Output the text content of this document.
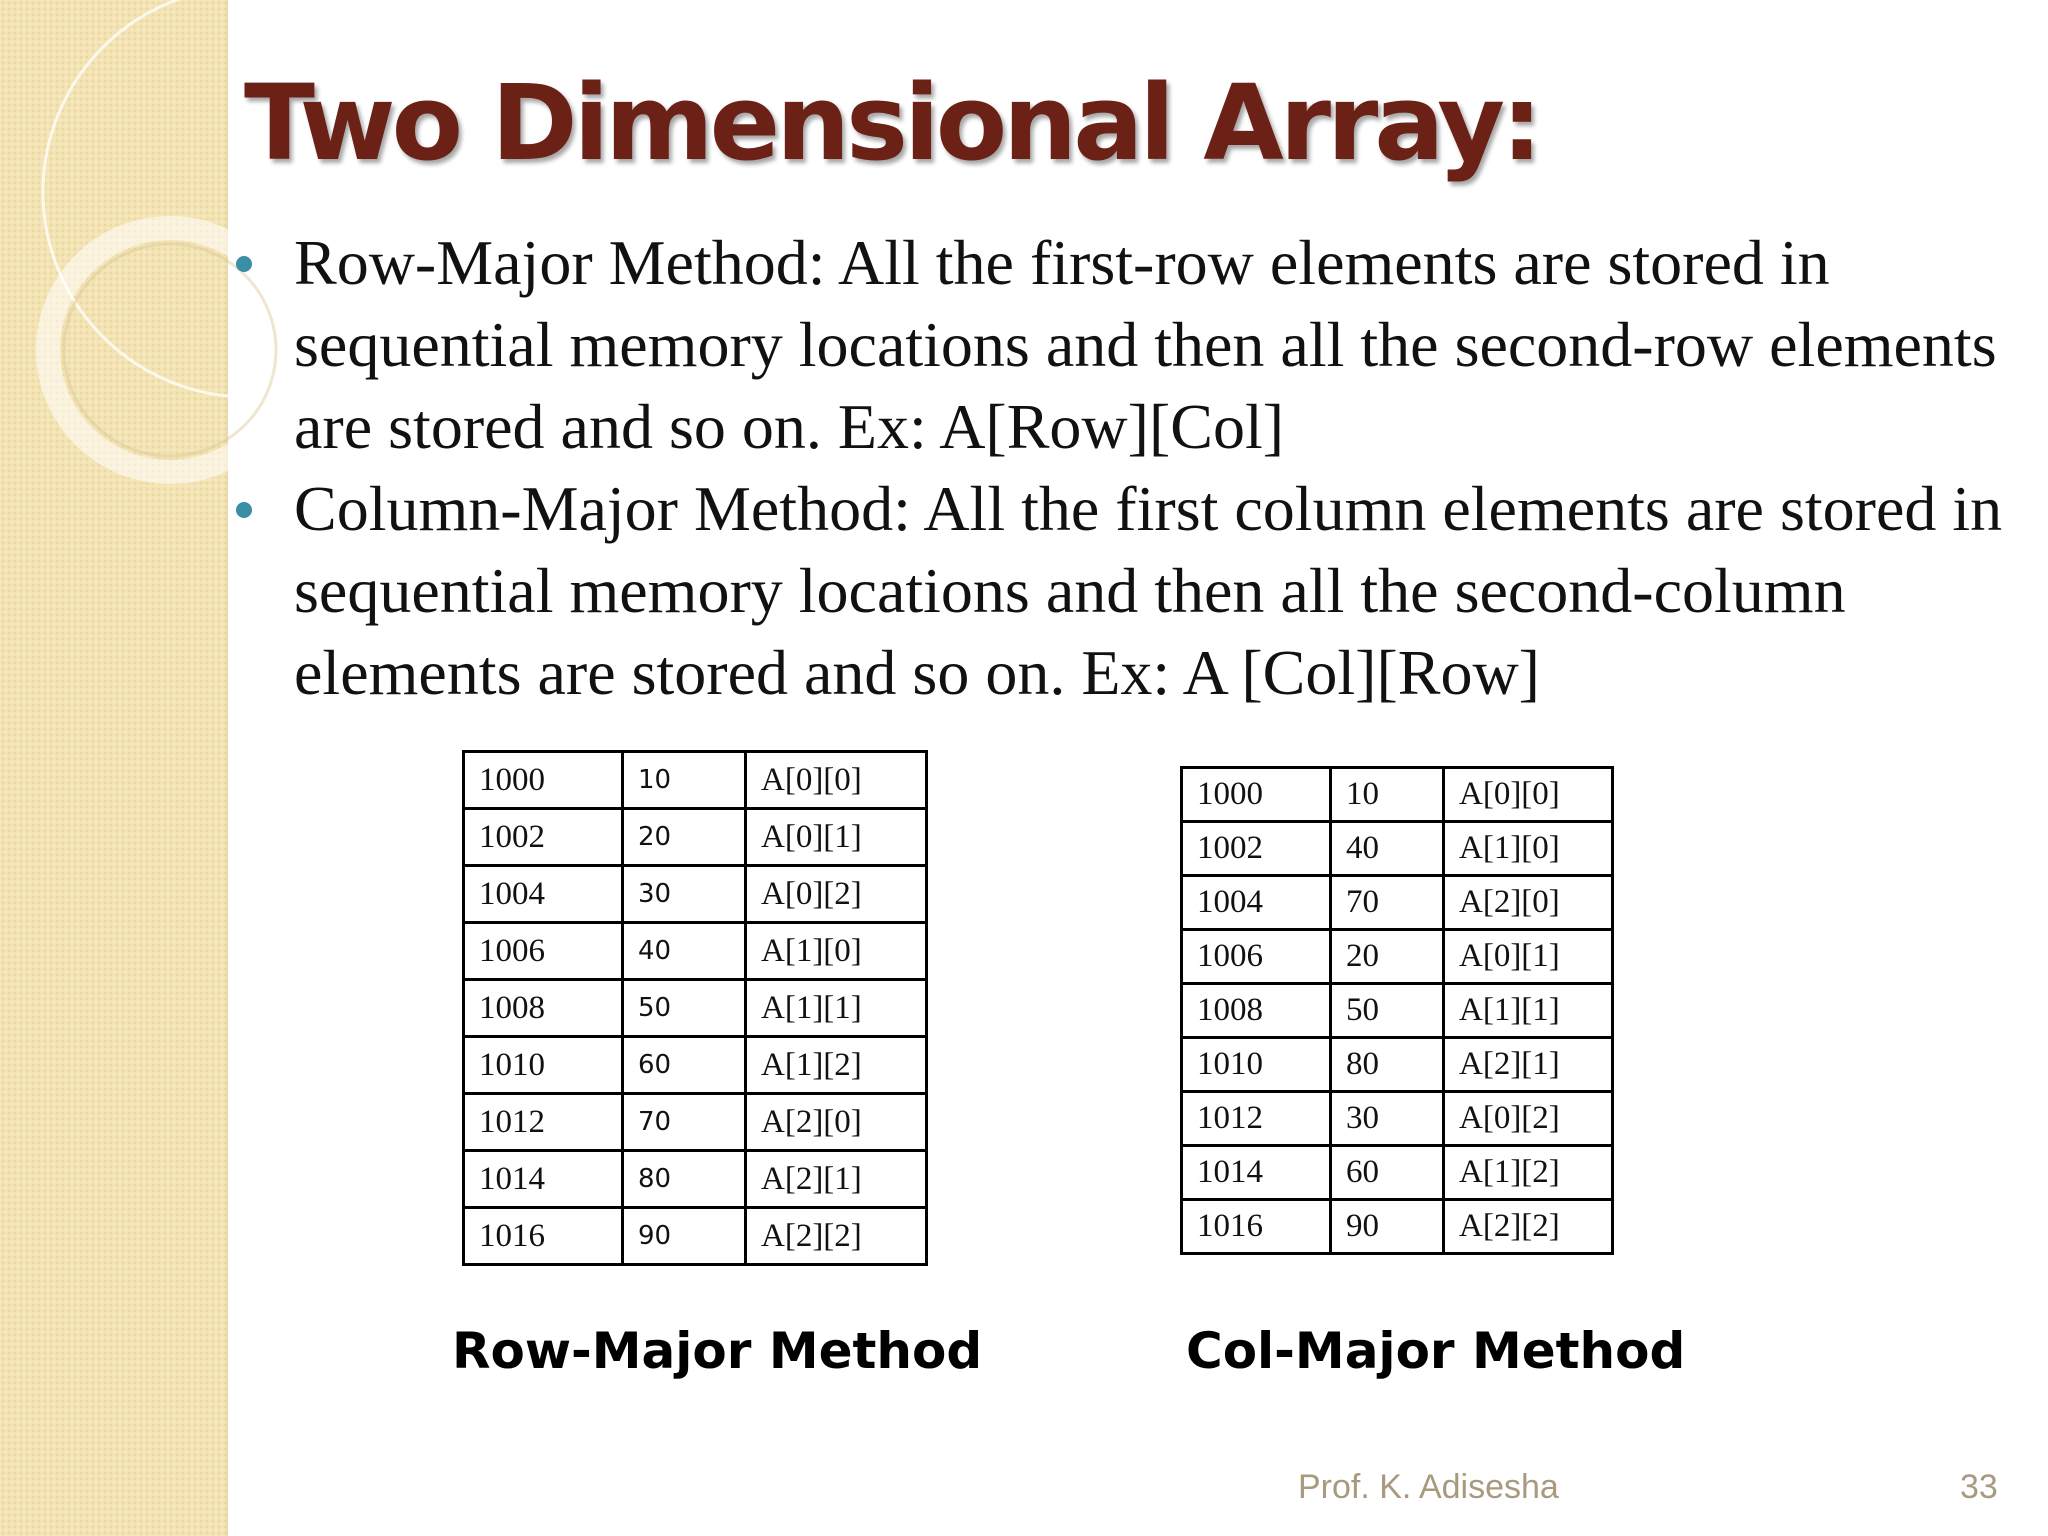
Two Dimensional Array:
Row-Major Method: All the first-row elements are stored in sequential memory locations and then all the second-row elements are stored and so on. Ex: A[Row][Col]
Column-Major Method: All the first column elements are stored in sequential memory locations and then all the second-column elements are stored and so on. Ex: A [Col][Row]
1000	10	A[0][0]
1002	20	A[0][1]
1004	30	A[0][2]
1006	40	A[1][0]
1008	50	A[1][1]
1010	60	A[1][2]
1012	70	A[2][0]
1014	80	A[2][1]
1016	90	A[2][2]
1000	10	A[0][0]
1002	40	A[1][0]
1004	70	A[2][0]
1006	20	A[0][1]
1008	50	A[1][1]
1010	80	A[2][1]
1012	30	A[0][2]
1014	60	A[1][2]
1016	90	A[2][2]
Row-Major Method	Col-Major Method
Prof. K. Adisesha	33
